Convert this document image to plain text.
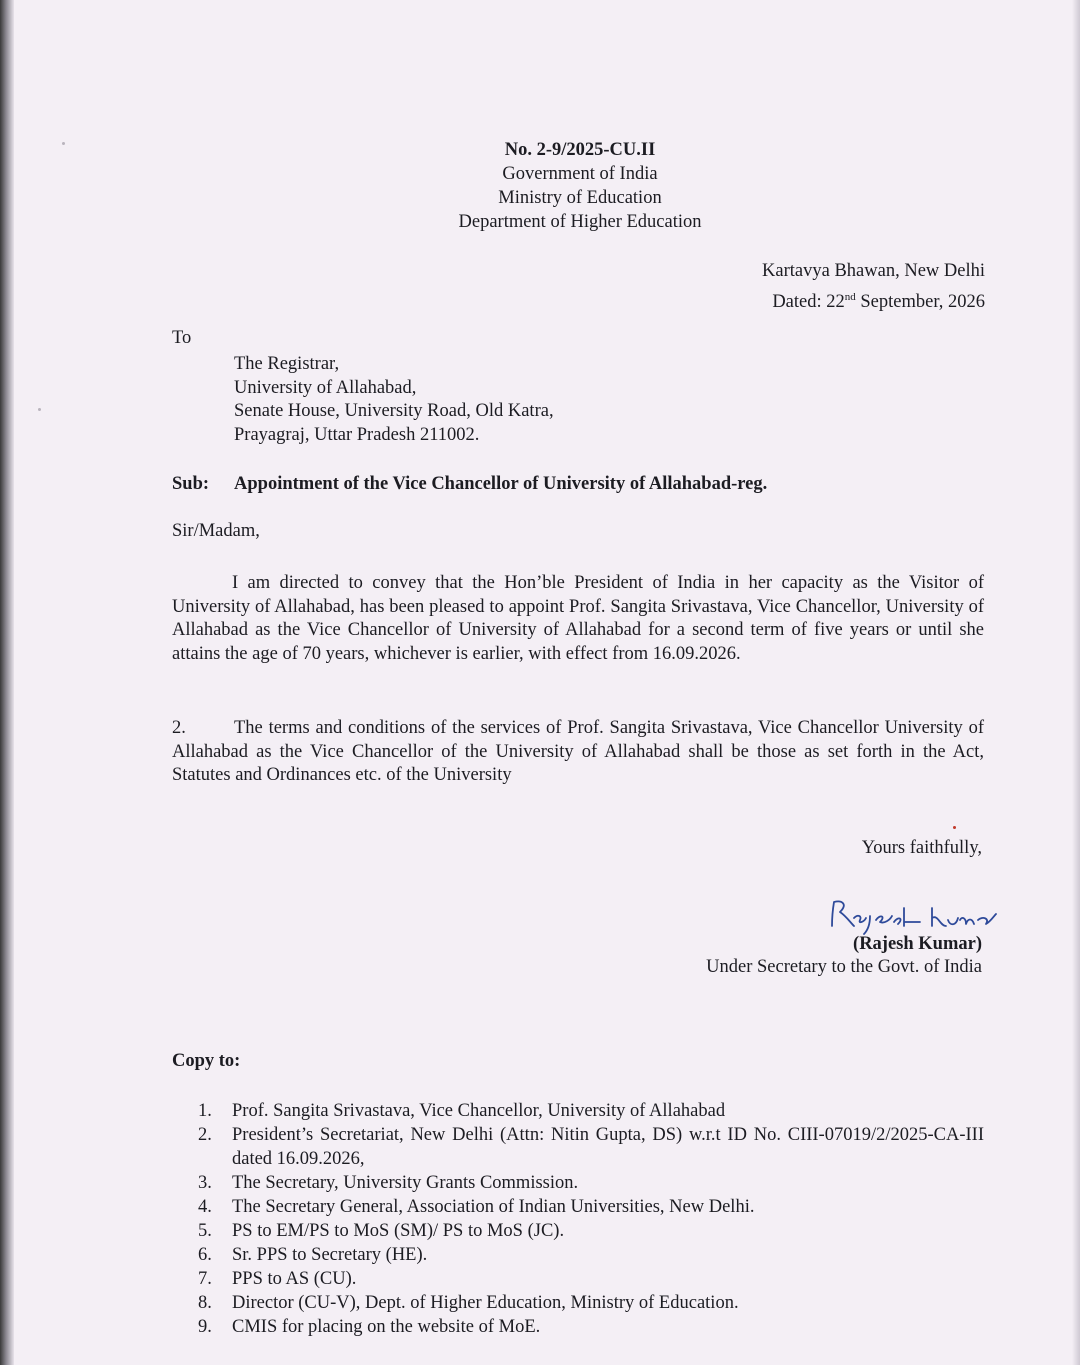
No. 2-9/2025-CU.II
Government of India
Ministry of Education
Department of Higher Education
Kartavya Bhawan, New Delhi
Dated: 22nd September, 2026
To
The Registrar,
University of Allahabad,
Senate House, University Road, Old Katra,
Prayagraj, Uttar Pradesh 211002.
Sub: Appointment of the Vice Chancellor of University of Allahabad-reg.
Sir/Madam,

I am directed to convey that the Hon’ble President of India in her capacity as the Visitor of University of Allahabad, has been pleased to appoint Prof. Sangita Srivastava, Vice Chancellor, University of Allahabad as the Vice Chancellor of University of Allahabad for a second term of five years or until she attains the age of 70 years, whichever is earlier, with effect from 16.09.2026.

2.	The terms and conditions of the services of Prof. Sangita Srivastava, Vice Chancellor University of Allahabad as the Vice Chancellor of the University of Allahabad shall be those as set forth in the Act, Statutes and Ordinances etc. of the University

Yours faithfully,
(Rajesh Kumar)
Under Secretary to the Govt. of India
Copy to:
1. Prof. Sangita Srivastava, Vice Chancellor, University of Allahabad
2. President’s Secretariat, New Delhi (Attn: Nitin Gupta, DS) w.r.t ID No. CIII-07019/2/2025-CA-III dated 16.09.2026,
3. The Secretary, University Grants Commission.
4. The Secretary General, Association of Indian Universities, New Delhi.
5. PS to EM/PS to MoS (SM)/ PS to MoS (JC).
6. Sr. PPS to Secretary (HE).
7. PPS to AS (CU).
8. Director (CU-V), Dept. of Higher Education, Ministry of Education.
9. CMIS for placing on the website of MoE.
